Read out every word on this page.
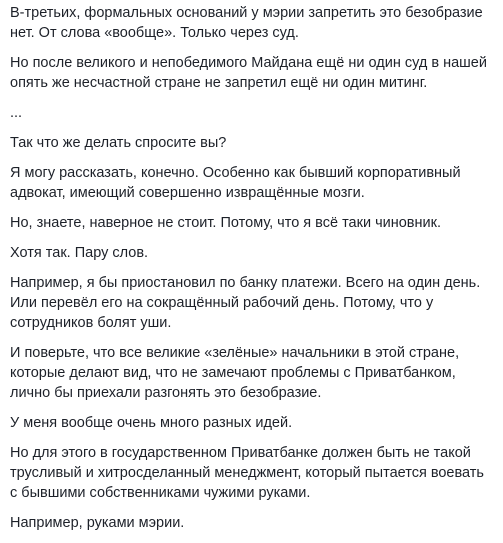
В-третьих, формальных оснований у мэрии запретить это безобразие
нет. От слова «вообще». Только через суд.

Но после великого и непобедимого Майдана ещё ни один суд в нашей
опять же несчастной стране не запретил ещё ни один митинг.

...

Так что же делать спросите вы?

Я могу рассказать, конечно. Особенно как бывший корпоративный
адвокат, имеющий совершенно извращённые мозги.

Но, знаете, наверное не стоит. Потому, что я всё таки чиновник.

Хотя так. Пару слов.

Например, я бы приостановил по банку платежи. Всего на один день.
Или перевёл его на сокращённый рабочий день. Потому, что у
сотрудников болят уши.

И поверьте, что все великие «зелёные» начальники в этой стране,
которые делают вид, что не замечают проблемы с Приватбанком,
лично бы приехали разгонять это безобразие.

У меня вообще очень много разных идей.

Но для этого в государственном Приватбанке должен быть не такой
трусливый и хитросделанный менеджмент, который пытается воевать
с бывшими собственниками чужими руками.

Например, руками мэрии.
